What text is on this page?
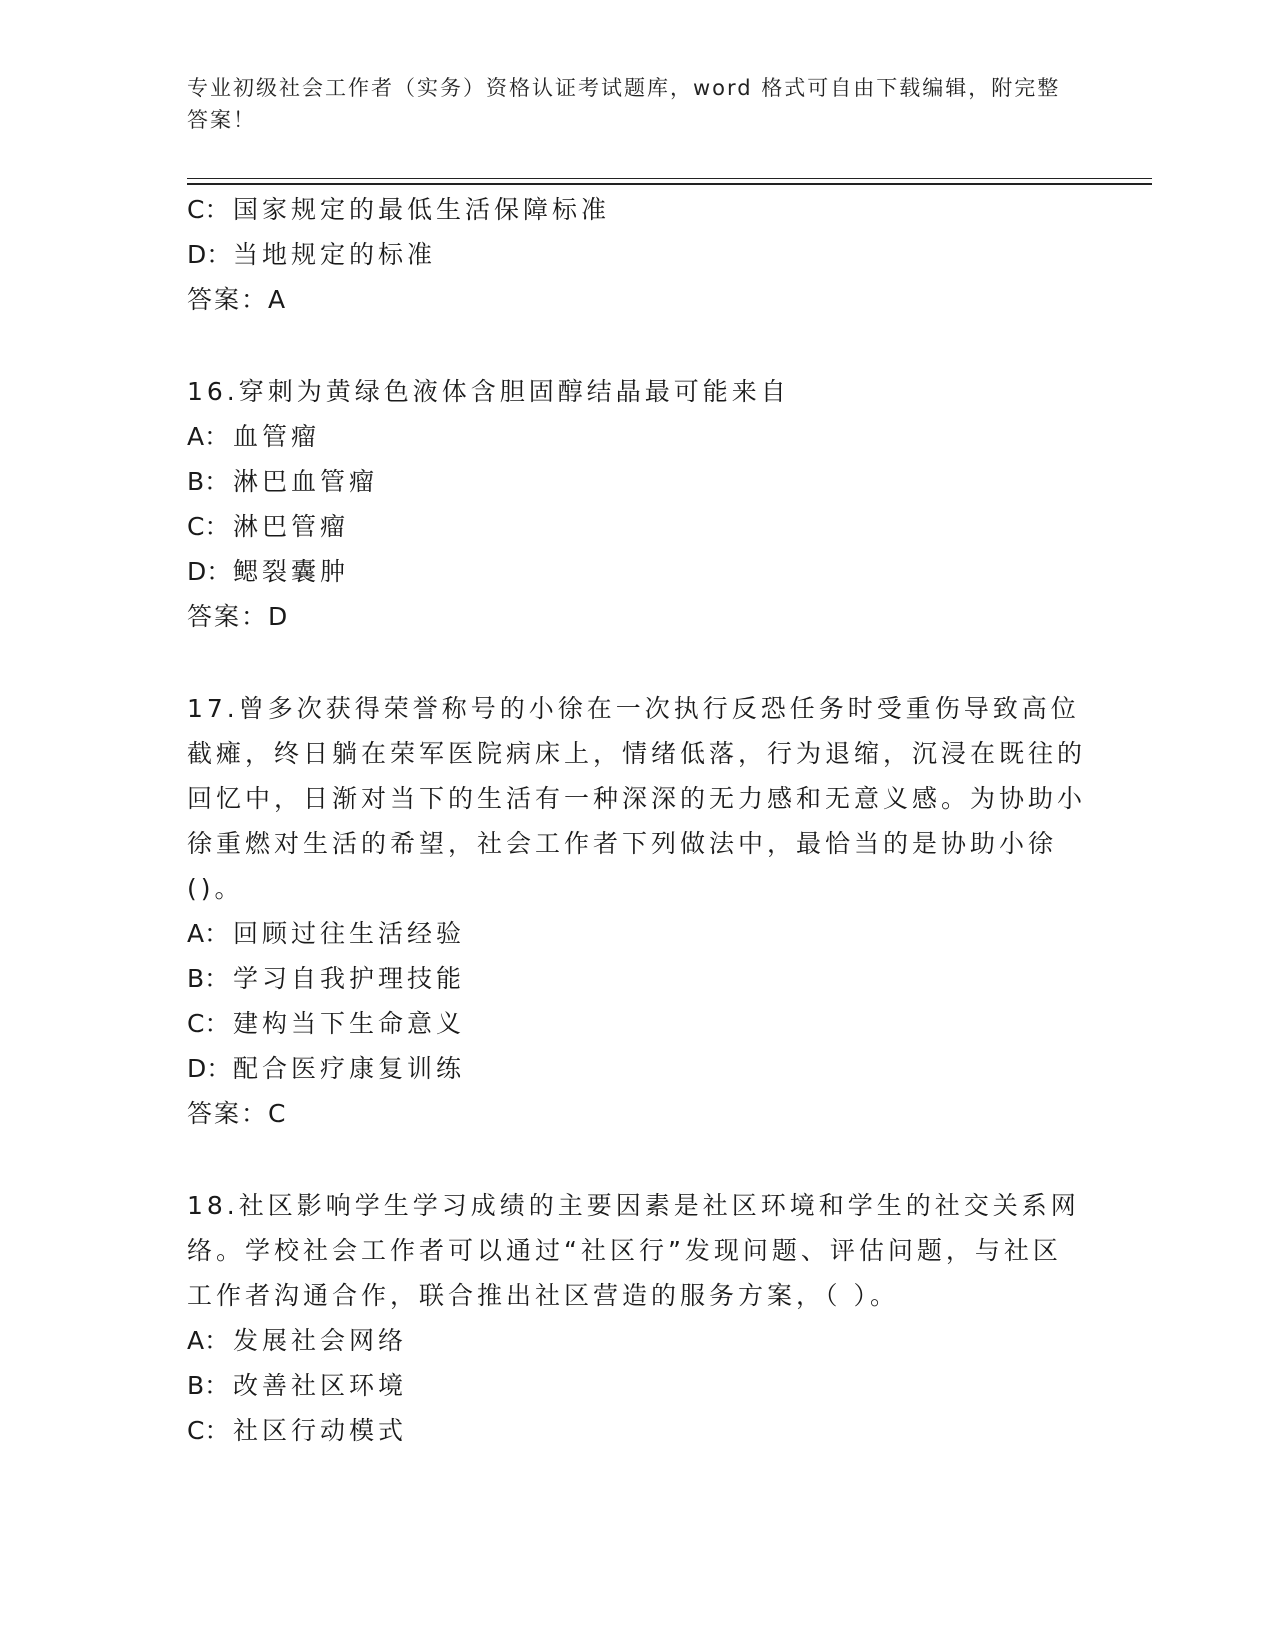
专业初级社会工作者（实务）资格认证考试题库，word 格式可自由下载编辑，附完整答案！
C： 国家规定的最低生活保障标准
D：当地规定的标准
答案：A
16.穿刺为黄绿色液体含胆固醇结晶最可能来自
A： 血管瘤
B： 淋巴血管瘤
C： 淋巴管瘤
D：鳃裂囊肿
答案：D
17.曾多次获得荣誉称号的小徐在一次执行反恐任务时受重伤导致高位截瘫，终日躺在荣军医院病床上，情绪低落，行为退缩，沉浸在既往的回忆中，日渐对当下的生活有一种深深的无力感和无意义感。为协助小徐重燃对生活的希望，社会工作者下列做法中，最恰当的是协助小徐()。
A： 回顾过往生活经验
B： 学习自我护理技能
C： 建构当下生命意义
D：配合医疗康复训练
答案：C
18.社区影响学生学习成绩的主要因素是社区环境和学生的社交关系网络。学校社会工作者可以通过“社区行”发现问题、评估问题，与社区工作者沟通合作，联合推出社区营造的服务方案，（ ）。
A： 发展社会网络
B： 改善社区环境
C： 社区行动模式
